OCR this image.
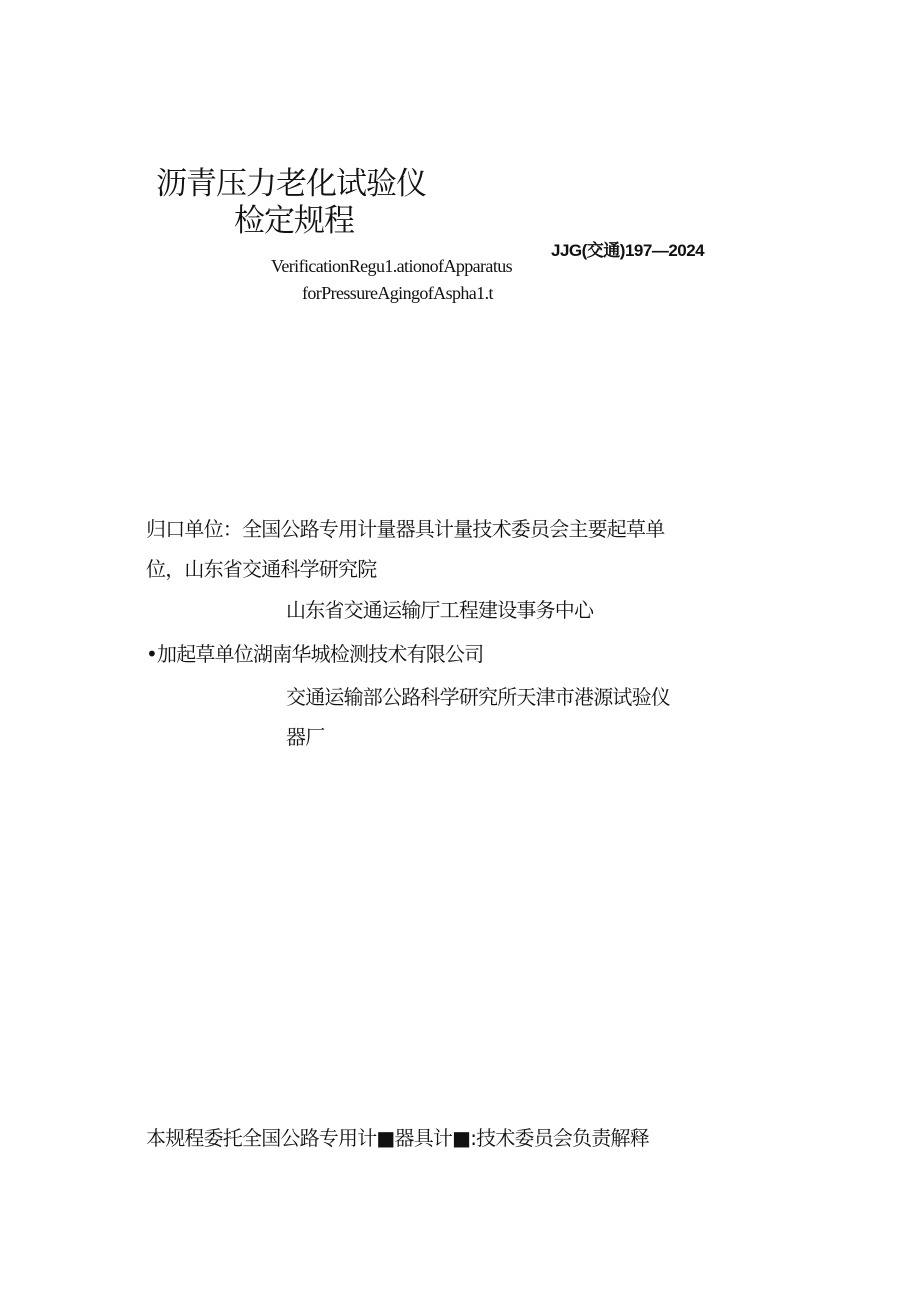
沥青压力老化试验仪
检定规程
JJG(交通)197—2024
VerificationRegu1.ationofApparatus
forPressureAgingofAspha1.t
归口单位：全国公路专用计量器具计量技术委员会主要起草单
位，山东省交通科学研究院
山东省交通运输厅工程建设事务中心
•加起草单位湖南华城检测技术有限公司
交通运输部公路科学研究所天津市港源试验仪
器厂
本规程委托全国公路专用计■器具计■:技术委员会负责解释
